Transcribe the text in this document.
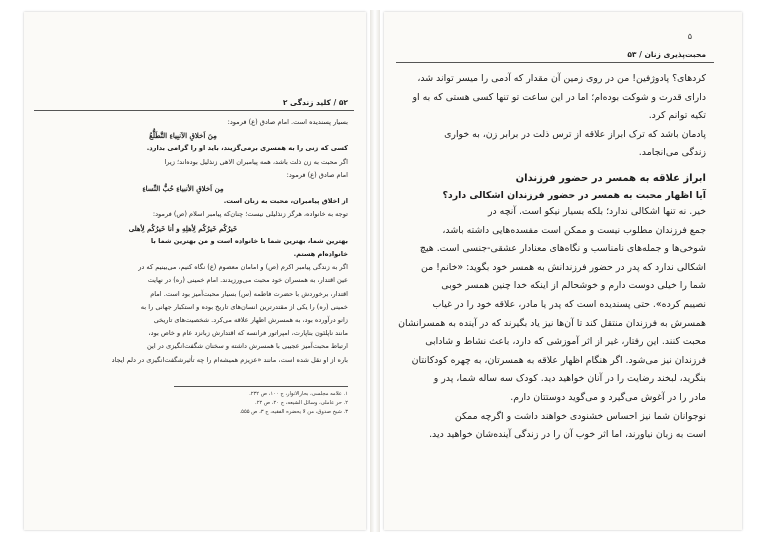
۵۲ / کلید زندگی ۲

بسیار پسندیده است. امام صادق (ع) فرمود:

مِنَ اَخلاقِ الاَنبِیاءِ التَّطَلُّعُ

کسی که زنی را به همسری برمی‌گزیند، باید او را گرامی بدارد.

اگر محبت به زن ذلت باشد، همه پیامبران الاهی زنذلیل بوده‌اند؛ زیرا

امام صادق (ع) فرمود:

مِن اَخلاقِ الأنبیاءِ حُبُّ النِّساءِ

از اخلاق پیامبران، محبت به زنان است.

توجه به خانواده، هرگز زنذلیلی نیست؛ چنان‌که پیامبر اسلام (ص) فرمود:

خَیرُکُم خَیرُکُم لِأهلِهِ و أنا خَیرُکُم لِأهلی

بهترین شما، بهترین شما با خانواده است و من بهترین شما با

خانواده‌ام هستم.

اگر به زندگی پیامبر اکرم (ص) و امامان معصوم (ع) نگاه کنیم، می‌بینیم که در

عین اقتدار، به همسران خود محبت می‌ورزیدند. امام خمینی (ره) در نهایت

اقتدار، برخوردش با حضرت فاطمه (س) بسیار محبت‌آمیز بود است. امام

خمینی (ره) را یکی از مقتدرترین انسان‌های تاریخ بوده و استکبار جهانی را به

زانو درآورده بود، به همسرش اظهار علاقه می‌کرد. شخصیت‌های تاریخی

مانند ناپلئون بناپارت، امپراتور فرانسه که اقتدارش زبانزد عام و خاص بود،

ارتباط محبت‌آمیز عجیبی با همسرش داشته و سخنان شگفت‌انگیزی در این

باره از او نقل شده است، مانند «عزیزم همیشه‌ام را چه تأثیرشگفت‌انگیزی در دلم ایجاد

۱. علامه مجلسی، بحارالانوار، ج ۱۰۰، ص ۲۳۲.
۲. حر عاملی، وسائل الشیعه، ج ۲۰، ص ۲۲.
۳. شیخ صدوق، من لا یحضره الفقیه، ج ۳، ص ۵۵۵.
۵
محبت‌پذیری زنان / ۵۳

کردهای؟ پادوژفین! من در روی زمین آن مقدار که آدمی را میسر تواند شد،

دارای قدرت و شوکت بوده‌ام؛ اما در این ساعت تو تنها کسی هستی که به او

تکیه توانم کرد.

پادمان باشد که ترک ابراز علاقه از ترس ذلت در برابر زن، به خواری

زندگی می‌انجامد.

ابراز علاقه به همسر در حضور فرزندان
آیا اظهار محبت به همسر در حضور فرزندان اشکالی دارد؟

خیر. نه تنها اشکالی ندارد؛ بلکه بسیار نیکو است. آنچه در

جمع فرزندان مطلوب نیست و ممکن است مفسده‌هایی داشته باشد،

شوخی‌ها و جمله‌های نامناسب و نگاه‌های معنادار عشقی-جنسی است. هیچ

اشکالی ندارد که پدر در حضور فرزندانش به همسر خود بگوید: «خانم! من

شما را خیلی دوست دارم و خوشحالم از اینکه خدا چنین همسر خوبی

نصیبم کرده». حتی پسندیده است که پدر یا مادر، علاقه خود را در غیاب

همسرش به فرزندان منتقل کند تا آن‌ها نیز یاد بگیرند که در آینده به همسرانشان

محبت کنند. این رفتار، غیر از اثر آموزشی که دارد، باعث نشاط و شادابی

فرزندان نیز می‌شود. اگر هنگام اظهار علاقه به همسرتان، به چهره کودکانتان

بنگرید، لبخند رضایت را در آنان خواهید دید. کودک سه ساله شما، پدر و

مادر را در آغوش می‌گیرد و می‌گوید دوستتان دارم.

نوجوانان شما نیز احساس خشنودی خواهند داشت و اگرچه ممکن

است به زبان نیاورند، اما اثر خوب آن را در زندگی آینده‌شان خواهید دید.
